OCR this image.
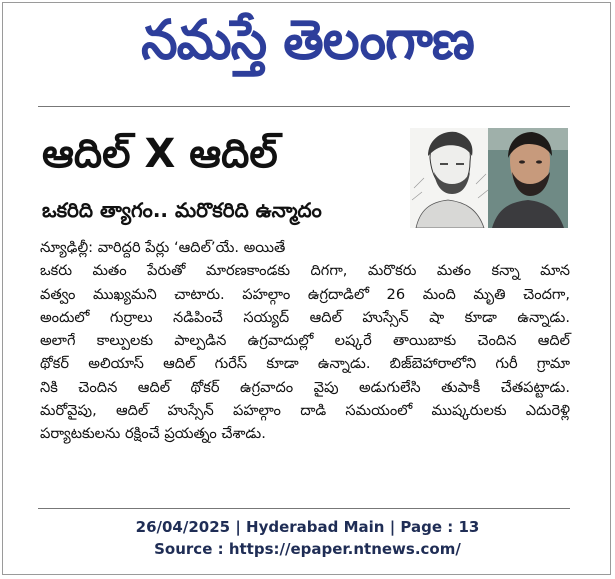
నమస్తే తెలంగాణ
ఆదిల్ X ఆదిల్
ఒకరిది త్యాగం.. మరొకరిది ఉన్మాదం

న్యూఢిల్లీ: వారిద్దరి పేర్లు ‘ఆదిల్’యే. అయితే

ఒకరు మతం పేరుతో మారణకాండకు దిగగా, మరొకరు మతం కన్నా మాన

వత్వం ముఖ్యమని చాటారు. పహల్గాం ఉగ్రదాడిలో 26 మంది మృతి చెందగా,

అందులో గుర్రాలు నడిపించే సయ్యద్ ఆదిల్ హుస్సేన్ షా కూడా ఉన్నాడు.

అలాగే కాల్పులకు పాల్పడిన ఉగ్రవాదుల్లో లష్కరే తాయిబాకు చెందిన ఆదిల్

థోకర్ అలియాస్ ఆదిల్ గురేస్ కూడా ఉన్నాడు. బిజ్‌బెహారాలోని గురీ గ్రామా

నికి చెందిన ఆదిల్ థోకర్ ఉగ్రవాదం వైపు అడుగులేసి తుపాకీ చేతపట్టాడు.

మరోవైపు, ఆదిల్ హుస్సేన్ పహల్గాం దాడి సమయంలో ముష్కరులకు ఎదురెళ్లి

పర్యాటకులను రక్షించే ప్రయత్నం చేశాడు.

26/04/2025 | Hyderabad Main | Page : 13
Source : https://epaper.ntnews.com/
